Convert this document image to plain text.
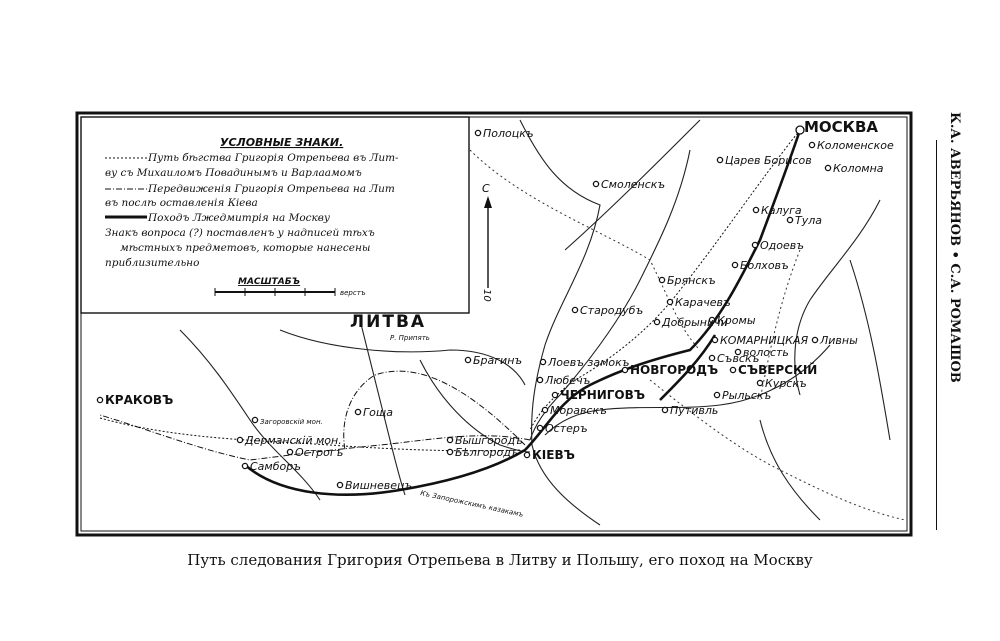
УСЛОВНЫЕ ЗНАКИ.
Путь бѣгства Григорія Отрепьева въ Лит-
ву съ Михаиломъ Повадинымъ и Варлаамомъ
Передвиженія Григорія Отрепьева на Лит
въ послѣ оставленія Кіева
Походъ Лжедмитрія на Москву
Знакъ вопроса (?) поставленъ у надписей тѣхъ
мѣстныхъ предметовъ, которые нанесены
приблизительно
МАСШТАБЪ
верстъ
С
10
ЛИТВА
Р. Припять
Къ Запорожскимъ казакамъ
МОСКВА
Коломенское
Коломна
Царев Борисов
Полоцкъ
Смоленскъ
Калуга
Тула
Одоевъ
Болховъ
Брянскъ
Карачевъ
Кромы
Стародубъ
Добрыничи
КОМАРНИЦКАЯ
волость
Съвскъ
Ливны
СЪВЕРСКІЙ
Курскъ
НОВГОРОДЪ
Рыльскъ
Путивль
ЧЕРНИГОВЪ
Моравскъ
Остеръ
Любечъ
Лоевъ замокъ
Брагинъ
Вышгородъ
Бѣлгородъ КІЕВЪ
КРАКОВЪ
Самборъ
Острогъ
Вишневецъ
Гоща
Загоровскій мон.
Дерманскій мон.
К.А. АВЕРЬЯНОВ • С.А. РОМАШОВ
Путь следования Григория Отрепьева в Литву и Польшу, его поход на Москву
